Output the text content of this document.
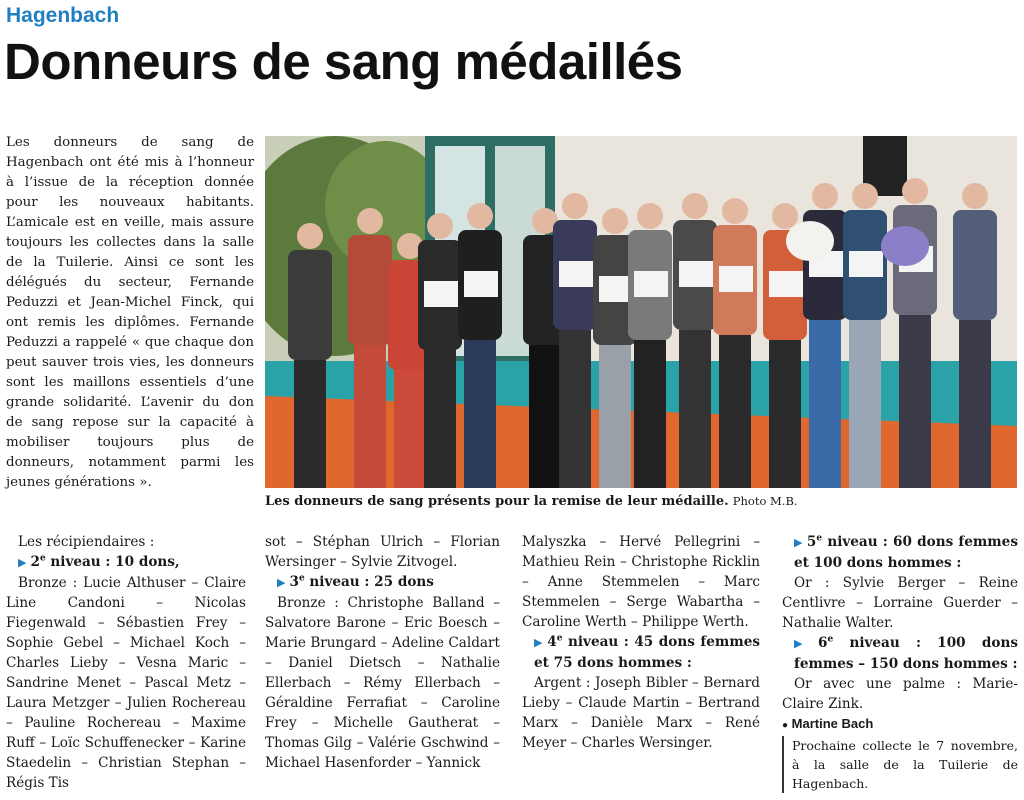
Hagenbach
Donneurs de sang médaillés

Les donneurs de sang de Hagenbach ont été mis à l’honneur à l’issue de la réception donnée pour les nouveaux habitants. L’amicale est en veille, mais assure toujours les collectes dans la salle de la Tuilerie. Ainsi ce sont les délégués du secteur, Fernande Peduzzi et Jean-Michel Finck, qui ont remis les diplômes. Fernande Peduzzi a rappelé « que chaque don peut sauver trois vies, les donneurs sont les maillons essentiels d’une grande solidarité. L’avenir du don de sang repose sur la capacité à mobiliser toujours plus de donneurs, notamment parmi les jeunes générations ».

Les donneurs de sang présents pour la remise de leur médaille. Photo M.B.

Les récipiendaires :

▶ 2e niveau : 10 dons,

Bronze : Lucie Althuser – Claire Line Candoni – Nicolas Fiegenwald – Sébastien Frey – Sophie Gebel – Michael Koch – Charles Lieby – Vesna Maric – Sandrine Menet – Pascal Metz – Laura Metzger – Julien Rochereau – Pauline Rochereau – Maxime Ruff – Loïc Schuffenecker – Karine Staedelin – Christian Stephan – Régis Tis

sot – Stéphan Ulrich – Florian Wersinger – Sylvie Zitvogel.

▶ 3e niveau : 25 dons

Bronze : Christophe Balland – Salvatore Barone – Eric Boesch – Marie Brungard – Adeline Caldart – Daniel Dietsch – Nathalie Ellerbach – Rémy Ellerbach – Géraldine Ferrafiat – Caroline Frey – Michelle Gautherat – Thomas Gilg – Valérie Gschwind – Michael Hasenforder – Yannick

Malyszka – Hervé Pellegrini – Mathieu Rein – Christophe Ricklin – Anne Stemmelen – Marc Stemmelen – Serge Wabartha – Caroline Werth – Philippe Werth.

▶ 4e niveau : 45 dons femmes et 75 dons hommes :

Argent : Joseph Bibler – Bernard Lieby – Claude Martin – Bertrand Marx – Danièle Marx – René Meyer – Charles Wersinger.

▶ 5e niveau : 60 dons femmes et 100 dons hommes :

Or : Sylvie Berger – Reine Centlivre – Lorraine Guerder – Nathalie Walter.

▶ 6e niveau : 100 dons femmes – 150 dons hommes :

Or avec une palme : Marie-Claire Zink.

● Martine Bach

Prochaine collecte le 7 novembre, à la salle de la Tuilerie de Hagenbach.
